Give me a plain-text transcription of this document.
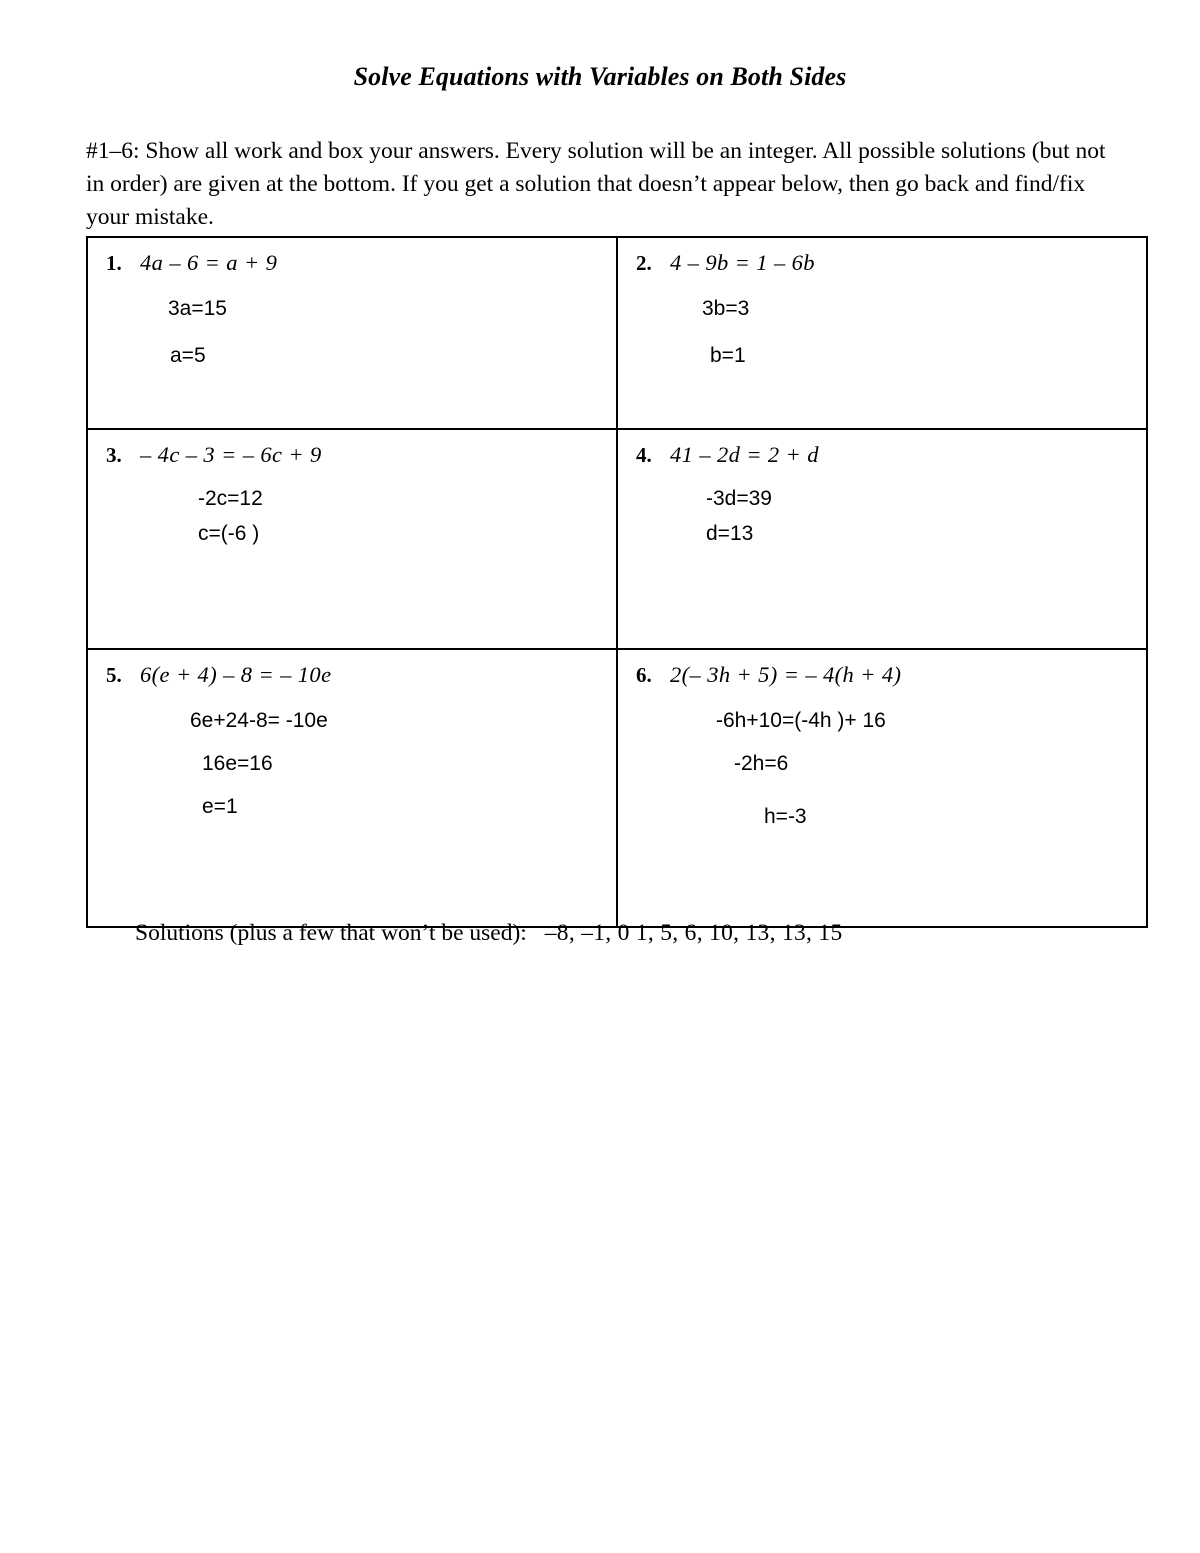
Solve Equations with Variables on Both Sides
#1–6: Show all work and box your answers. Every solution will be an integer. All possible solutions (but not in order) are given at the bottom. If you get a solution that doesn’t appear below, then go back and find/fix your mistake.
1. 4a – 6 = a + 9
3a=15
a=5

2. 4 – 9b = 1 – 6b
3b=3
b=1

3. – 4c – 3 = – 6c + 9
-2c=12
c=(-6 )

4. 41 – 2d = 2 + d
-3d=39
d=13

5. 6(e + 4) – 8 = – 10e
6e+24-8= -10e
16e=16
e=1

6. 2(– 3h + 5) = – 4(h + 4)
-6h+10=(-4h )+ 16
-2h=6
h=-3
Solutions (plus a few that won’t be used): –8, –1, 0 1, 5, 6, 10, 13, 13, 15
